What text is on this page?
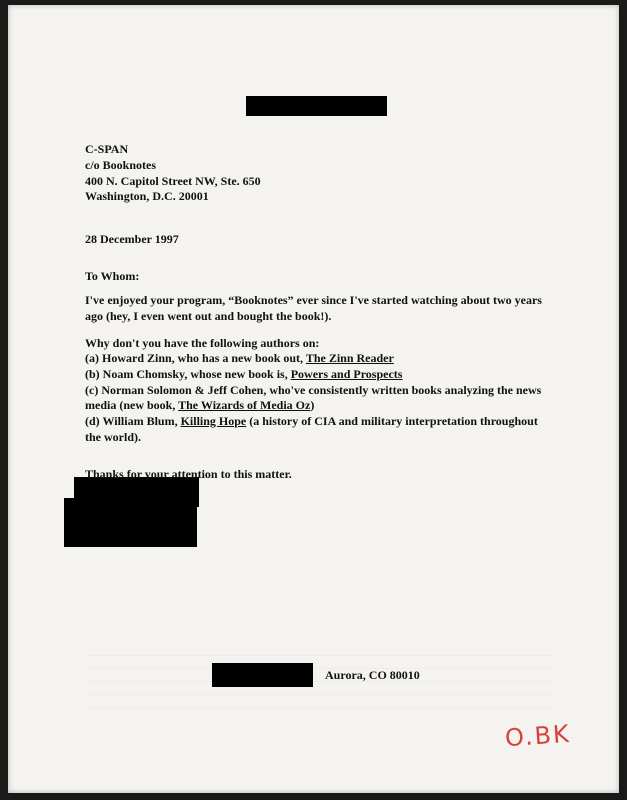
C-SPAN
c/o Booknotes
400 N. Capitol Street NW, Ste. 650
Washington, D.C. 20001
28 December 1997
To Whom:
I've enjoyed your program, “Booknotes” ever since I've started watching about two years
ago (hey, I even went out and bought the book!).
Why don't you have the following authors on:
(a) Howard Zinn, who has a new book out, The Zinn Reader
(b) Noam Chomsky, whose new book is, Powers and Prospects
(c) Norman Solomon & Jeff Cohen, who've consistently written books analyzing the news
media (new book, The Wizards of Media Oz)
(d) William Blum, Killing Hope (a history of CIA and military interpretation throughout
the world).
Thanks for your attention to this matter.
Aurora, CO 80010
O.BK
